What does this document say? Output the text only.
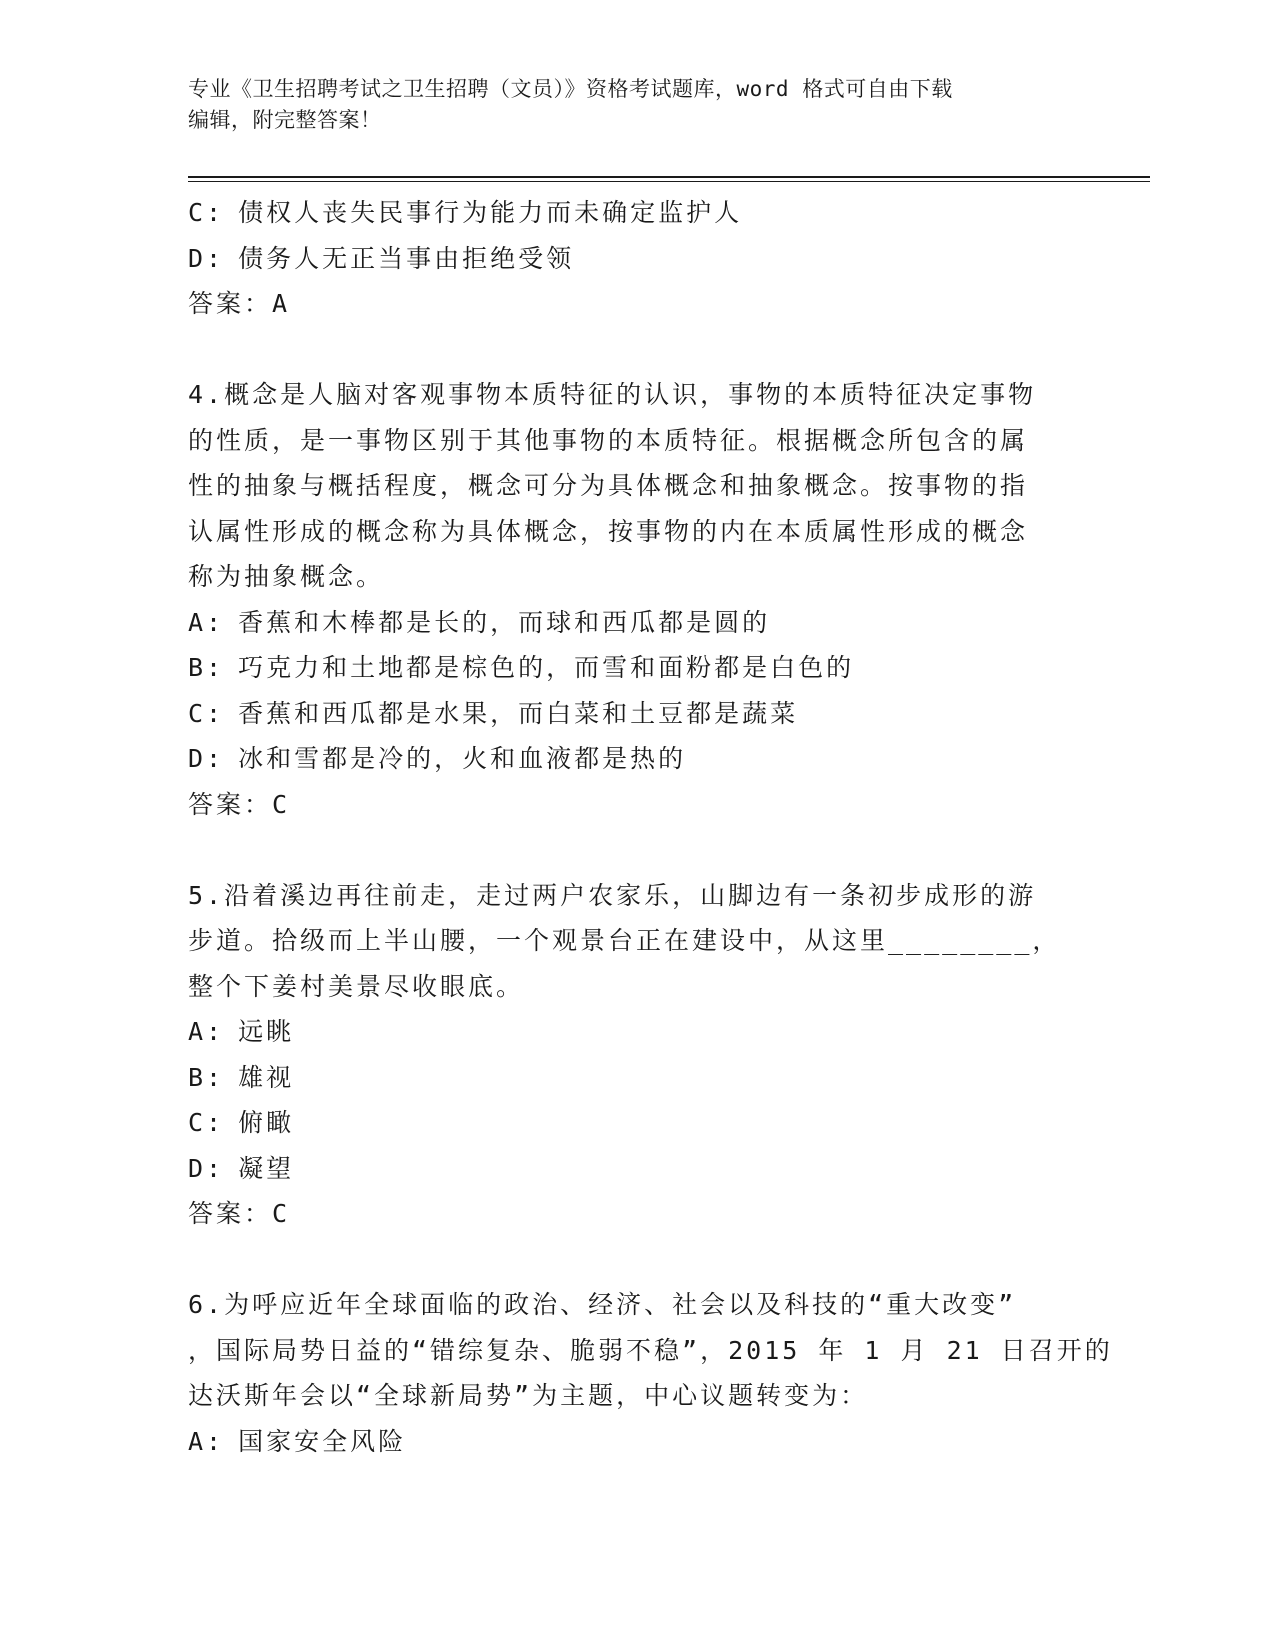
专业《卫生招聘考试之卫生招聘（文员）》资格考试题库，word 格式可自由下载
编辑，附完整答案！
C: 债权人丧失民事行为能力而未确定监护人
D: 债务人无正当事由拒绝受领
答案：A
4.概念是人脑对客观事物本质特征的认识，事物的本质特征决定事物
的性质，是一事物区别于其他事物的本质特征。根据概念所包含的属
性的抽象与概括程度，概念可分为具体概念和抽象概念。按事物的指
认属性形成的概念称为具体概念，按事物的内在本质属性形成的概念
称为抽象概念。
A: 香蕉和木棒都是长的，而球和西瓜都是圆的
B: 巧克力和土地都是棕色的，而雪和面粉都是白色的
C: 香蕉和西瓜都是水果，而白菜和土豆都是蔬菜
D: 冰和雪都是冷的，火和血液都是热的
答案：C
5.沿着溪边再往前走，走过两户农家乐，山脚边有一条初步成形的游
步道。拾级而上半山腰，一个观景台正在建设中，从这里________，
整个下姜村美景尽收眼底。
A: 远眺
B: 雄视
C: 俯瞰
D: 凝望
答案：C
6.为呼应近年全球面临的政治、经济、社会以及科技的“重大改变”
，国际局势日益的“错综复杂、脆弱不稳”，2015 年 1 月 21 日召开的
达沃斯年会以“全球新局势”为主题，中心议题转变为：
A: 国家安全风险
